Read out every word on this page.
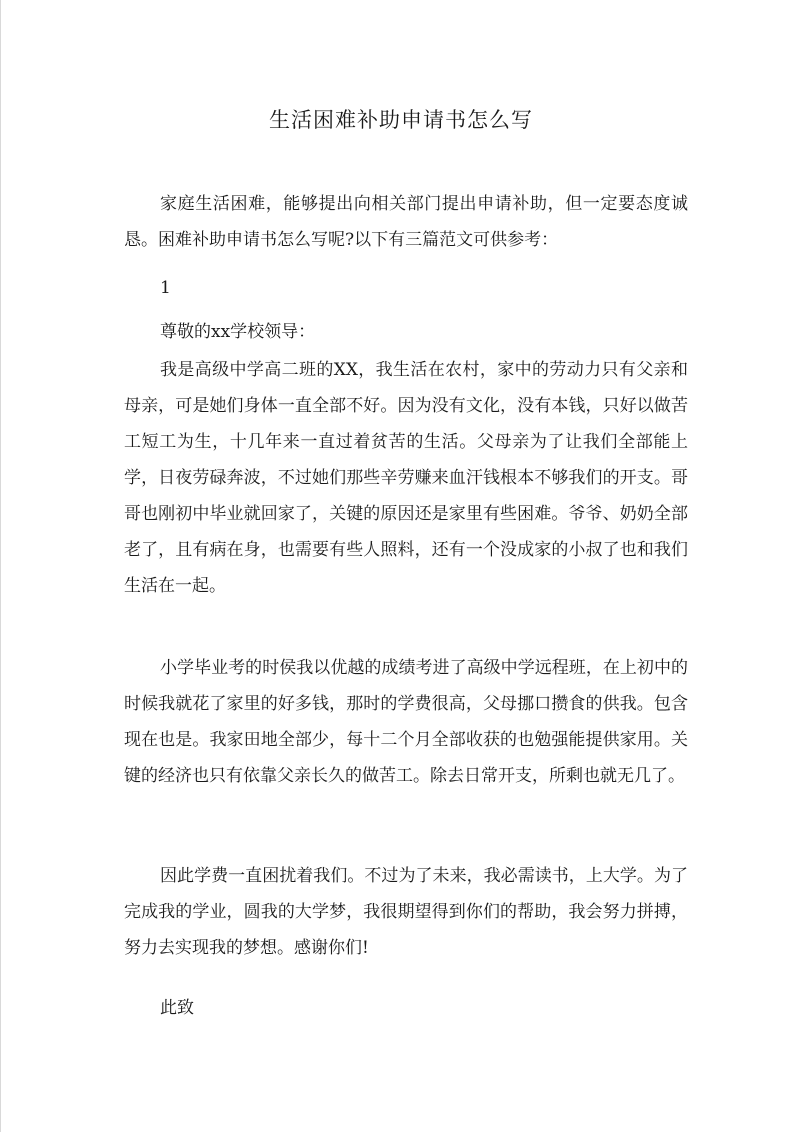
生活困难补助申请书怎么写

家庭生活困难，能够提出向相关部门提出申请补助，但一定要态度诚恳。困难补助申请书怎么写呢?以下有三篇范文可供参考：

1

尊敬的xx学校领导：

我是高级中学高二班的XX，我生活在农村，家中的劳动力只有父亲和母亲，可是她们身体一直全部不好。因为没有文化，没有本钱，只好以做苦工短工为生，十几年来一直过着贫苦的生活。父母亲为了让我们全部能上学，日夜劳碌奔波，不过她们那些辛劳赚来血汗钱根本不够我们的开支。哥哥也刚初中毕业就回家了，关键的原因还是家里有些困难。爷爷、奶奶全部老了，且有病在身，也需要有些人照料，还有一个没成家的小叔了也和我们生活在一起。

小学毕业考的时侯我以优越的成绩考进了高级中学远程班，在上初中的时候我就花了家里的好多钱，那时的学费很高，父母挪口攒食的供我。包含现在也是。我家田地全部少，每十二个月全部收获的也勉强能提供家用。关键的经济也只有依靠父亲长久的做苦工。除去日常开支，所剩也就无几了。

因此学费一直困扰着我们。不过为了未来，我必需读书，上大学。为了完成我的学业，圆我的大学梦，我很期望得到你们的帮助，我会努力拼搏，努力去实现我的梦想。感谢你们!

此致
